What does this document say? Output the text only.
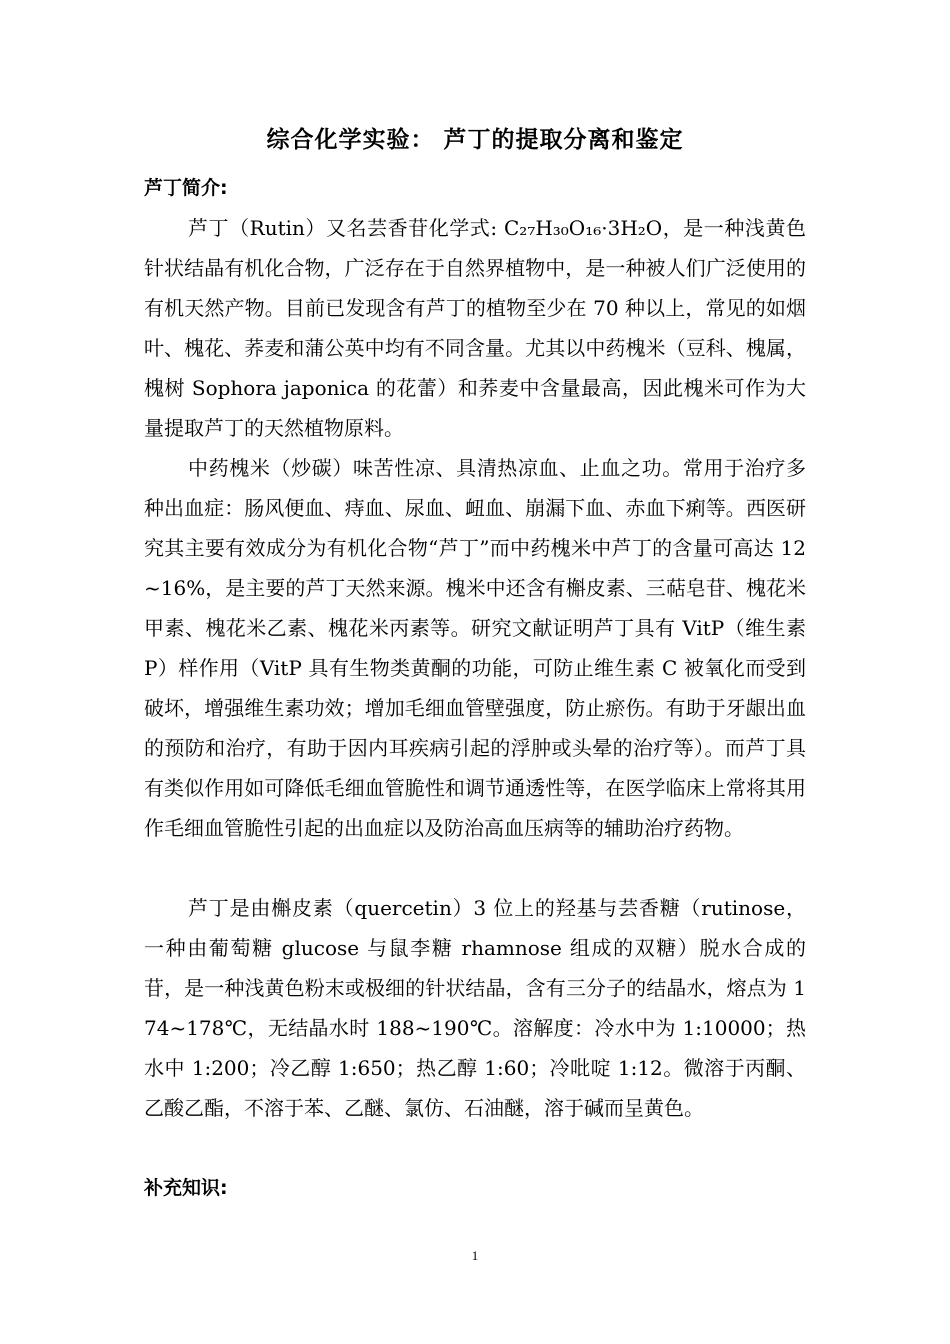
综合化学实验： 芦丁的提取分离和鉴定
芦丁简介:

芦丁（Rutin）又名芸香苷化学式: C₂₇H₃₀O₁₆·3H₂O，是一种浅黄色针状结晶有机化合物，广泛存在于自然界植物中，是一种被人们广泛使用的有机天然产物。目前已发现含有芦丁的植物至少在 70 种以上，常见的如烟叶、槐花、荞麦和蒲公英中均有不同含量。尤其以中药槐米（豆科、槐属，槐树 Sophora japonica 的花蕾）和荞麦中含量最高，因此槐米可作为大量提取芦丁的天然植物原料。

中药槐米（炒碳）味苦性凉、具清热凉血、止血之功。常用于治疗多种出血症：肠风便血、痔血、尿血、衄血、崩漏下血、赤血下痢等。西医研究其主要有效成分为有机化合物“芦丁”而中药槐米中芦丁的含量可高达 12~16%，是主要的芦丁天然来源。槐米中还含有槲皮素、三萜皂苷、槐花米甲素、槐花米乙素、槐花米丙素等。研究文献证明芦丁具有 VitP（维生素 P）样作用（VitP 具有生物类黄酮的功能，可防止维生素 C 被氧化而受到破坏，增强维生素功效；增加毛细血管壁强度，防止瘀伤。有助于牙龈出血的预防和治疗，有助于因内耳疾病引起的浮肿或头晕的治疗等）。而芦丁具有类似作用如可降低毛细血管脆性和调节通透性等，在医学临床上常将其用作毛细血管脆性引起的出血症以及防治高血压病等的辅助治疗药物。

芦丁是由槲皮素（quercetin）3 位上的羟基与芸香糖（rutinose，一种由葡萄糖 glucose 与鼠李糖 rhamnose 组成的双糖）脱水合成的苷，是一种浅黄色粉末或极细的针状结晶，含有三分子的结晶水，熔点为 174~178℃，无结晶水时 188~190℃。溶解度：冷水中为 1:10000；热水中 1:200；冷乙醇 1:650；热乙醇 1:60；冷吡啶 1:12。微溶于丙酮、乙酸乙酯，不溶于苯、乙醚、氯仿、石油醚，溶于碱而呈黄色。

补充知识:
1
